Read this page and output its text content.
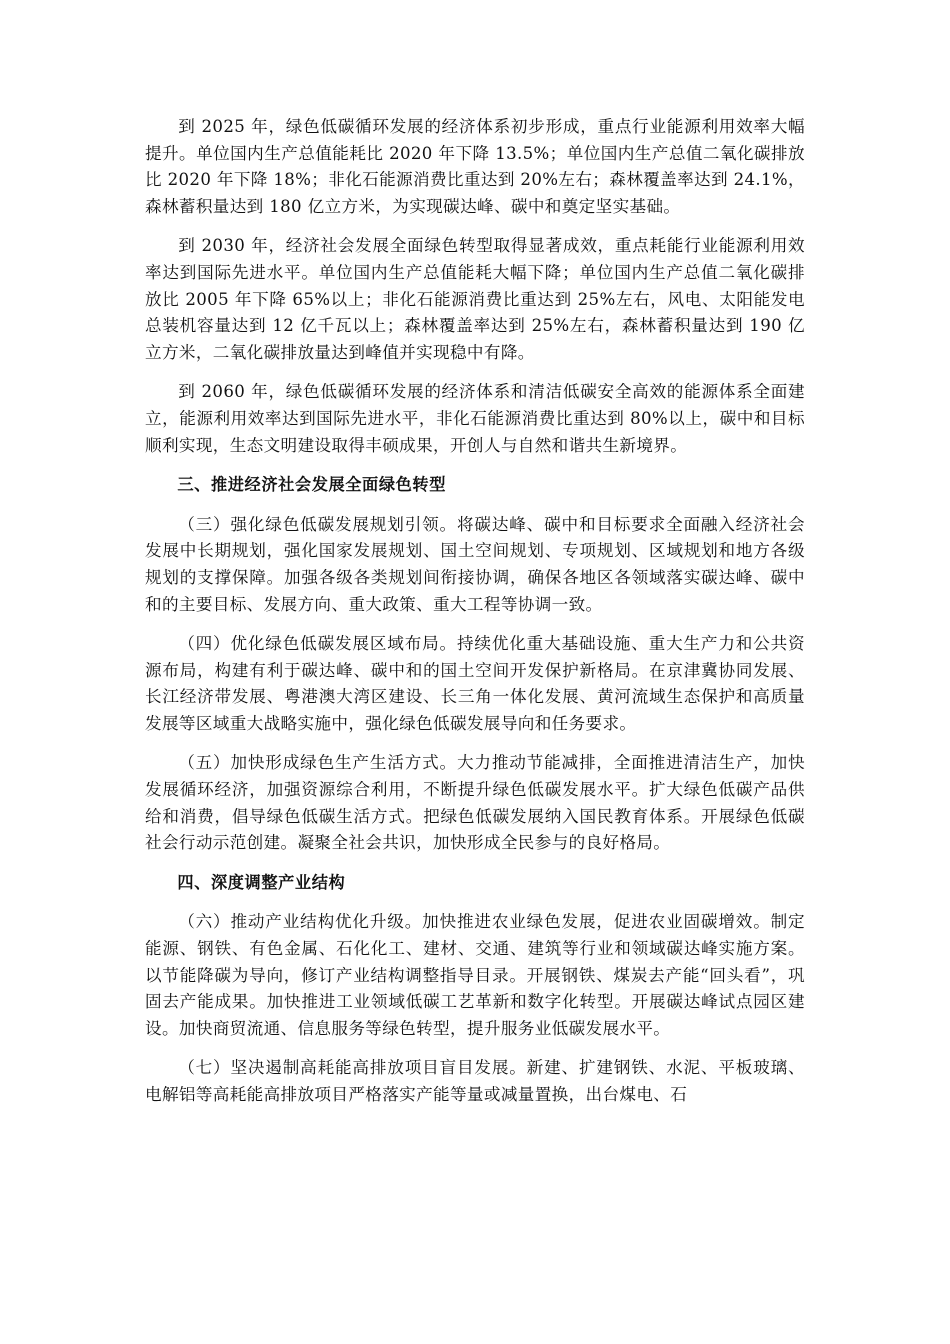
到 2025 年，绿色低碳循环发展的经济体系初步形成，重点行业能源利用效率大幅提升。单位国内生产总值能耗比 2020 年下降 13.5%；单位国内生产总值二氧化碳排放比 2020 年下降 18%；非化石能源消费比重达到 20%左右；森林覆盖率达到 24.1%，森林蓄积量达到 180 亿立方米，为实现碳达峰、碳中和奠定坚实基础。

到 2030 年，经济社会发展全面绿色转型取得显著成效，重点耗能行业能源利用效率达到国际先进水平。单位国内生产总值能耗大幅下降；单位国内生产总值二氧化碳排放比 2005 年下降 65%以上；非化石能源消费比重达到 25%左右，风电、太阳能发电总装机容量达到 12 亿千瓦以上；森林覆盖率达到 25%左右，森林蓄积量达到 190 亿立方米，二氧化碳排放量达到峰值并实现稳中有降。

到 2060 年，绿色低碳循环发展的经济体系和清洁低碳安全高效的能源体系全面建立，能源利用效率达到国际先进水平，非化石能源消费比重达到 80%以上，碳中和目标顺利实现，生态文明建设取得丰硕成果，开创人与自然和谐共生新境界。

三、推进经济社会发展全面绿色转型

（三）强化绿色低碳发展规划引领。将碳达峰、碳中和目标要求全面融入经济社会发展中长期规划，强化国家发展规划、国土空间规划、专项规划、区域规划和地方各级规划的支撑保障。加强各级各类规划间衔接协调，确保各地区各领域落实碳达峰、碳中和的主要目标、发展方向、重大政策、重大工程等协调一致。

（四）优化绿色低碳发展区域布局。持续优化重大基础设施、重大生产力和公共资源布局，构建有利于碳达峰、碳中和的国土空间开发保护新格局。在京津冀协同发展、长江经济带发展、粤港澳大湾区建设、长三角一体化发展、黄河流域生态保护和高质量发展等区域重大战略实施中，强化绿色低碳发展导向和任务要求。

（五）加快形成绿色生产生活方式。大力推动节能减排，全面推进清洁生产，加快发展循环经济，加强资源综合利用，不断提升绿色低碳发展水平。扩大绿色低碳产品供给和消费，倡导绿色低碳生活方式。把绿色低碳发展纳入国民教育体系。开展绿色低碳社会行动示范创建。凝聚全社会共识，加快形成全民参与的良好格局。

四、深度调整产业结构

（六）推动产业结构优化升级。加快推进农业绿色发展，促进农业固碳增效。制定能源、钢铁、有色金属、石化化工、建材、交通、建筑等行业和领域碳达峰实施方案。以节能降碳为导向，修订产业结构调整指导目录。开展钢铁、煤炭去产能“回头看”，巩固去产能成果。加快推进工业领域低碳工艺革新和数字化转型。开展碳达峰试点园区建设。加快商贸流通、信息服务等绿色转型，提升服务业低碳发展水平。

（七）坚决遏制高耗能高排放项目盲目发展。新建、扩建钢铁、水泥、平板玻璃、电解铝等高耗能高排放项目严格落实产能等量或减量置换，出台煤电、石
